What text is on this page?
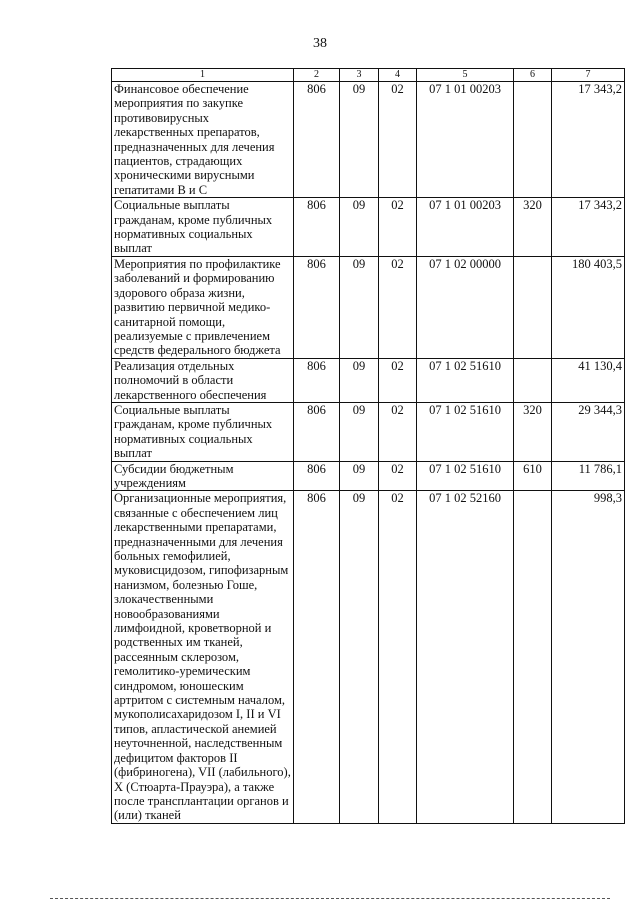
38
1	2	3	4	5	6	7
Финансовое обеспечение мероприятия по закупке противовирусных лекарственных препаратов, предназначенных для лечения пациентов, страдающих хроническими вирусными гепатитами В и С	806	09	02	07 1 01 00203		17 343,2
Социальные выплаты гражданам, кроме публичных нормативных социальных выплат	806	09	02	07 1 01 00203	320	17 343,2
Мероприятия по профилактике заболеваний и формированию здорового образа жизни, развитию первичной медико-санитарной помощи, реализуемые с привлечением средств федерального бюджета	806	09	02	07 1 02 00000		180 403,5
Реализация отдельных полномочий в области лекарственного обеспечения	806	09	02	07 1 02 51610		41 130,4
Социальные выплаты гражданам, кроме публичных нормативных социальных выплат	806	09	02	07 1 02 51610	320	29 344,3
Субсидии бюджетным учреждениям	806	09	02	07 1 02 51610	610	11 786,1
Организационные мероприятия, связанные с обеспечением лиц лекарственными препаратами, предназначенными для лечения больных гемофилией, муковисцидозом, гипофизарным нанизмом, болезнью Гоше, злокачественными новообразованиями лимфоидной, кроветворной и родственных им тканей, рассеянным склерозом, гемолитико-уремическим синдромом, юношеским артритом с системным началом, мукополисахаридозом I, II и VI типов, апластической анемией неуточненной, наследственным дефицитом факторов II (фибриногена), VII (лабильного), X (Стюарта-Прауэра), а также после трансплантации органов и (или) тканей	806	09	02	07 1 02 52160		998,3
